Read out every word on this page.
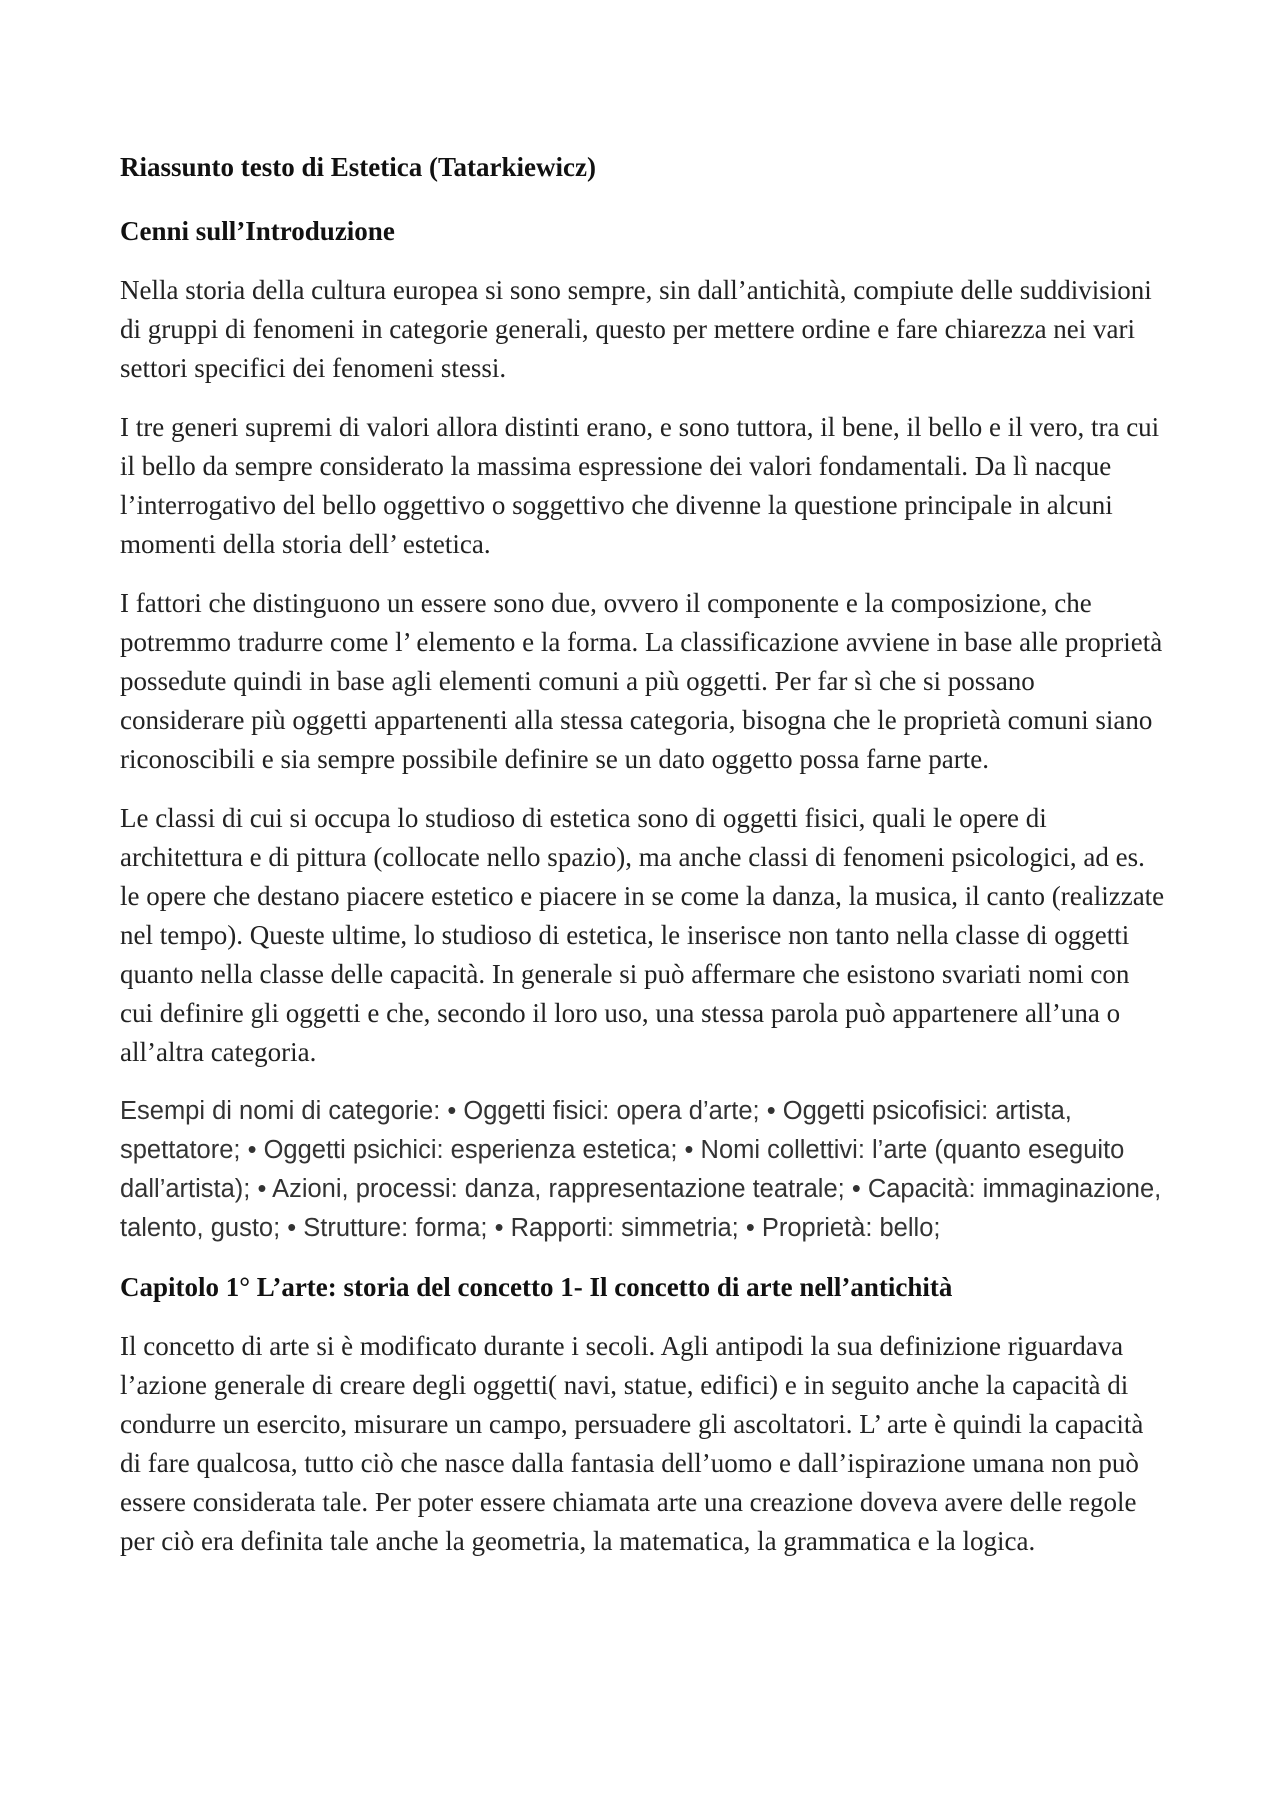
Riassunto testo di Estetica (Tatarkiewicz)
Cenni sull’Introduzione

Nella storia della cultura europea si sono sempre, sin dall’antichità, compiute delle suddivisioni di gruppi di fenomeni in categorie generali, questo per mettere ordine e fare chiarezza nei vari settori specifici dei fenomeni stessi.

I tre generi supremi di valori allora distinti erano, e sono tuttora, il bene, il bello e il vero, tra cui il bello da sempre considerato la massima espressione dei valori fondamentali. Da lì nacque l’interrogativo del bello oggettivo o soggettivo che divenne la questione principale in alcuni momenti della storia dell’ estetica.

I fattori che distinguono un essere sono due, ovvero il componente e la composizione, che potremmo tradurre come l’ elemento e la forma. La classificazione avviene in base alle proprietà possedute quindi in base agli elementi comuni a più oggetti. Per far sì che si possano considerare più oggetti appartenenti alla stessa categoria, bisogna che le proprietà comuni siano riconoscibili e sia sempre possibile definire se un dato oggetto possa farne parte.

Le classi di cui si occupa lo studioso di estetica sono di oggetti fisici, quali le opere di architettura e di pittura (collocate nello spazio), ma anche classi di fenomeni psicologici, ad es. le opere che destano piacere estetico e piacere in se come la danza, la musica, il canto (realizzate nel tempo). Queste ultime, lo studioso di estetica, le inserisce non tanto nella classe di oggetti quanto nella classe delle capacità. In generale si può affermare che esistono svariati nomi con cui definire gli oggetti e che, secondo il loro uso, una stessa parola può appartenere all’una o all’altra categoria.

Esempi di nomi di categorie: • Oggetti fisici: opera d’arte; • Oggetti psicofisici: artista, spettatore; • Oggetti psichici: esperienza estetica; • Nomi collettivi: l’arte (quanto eseguito dall’artista); • Azioni, processi: danza, rappresentazione teatrale; • Capacità: immaginazione, talento, gusto; • Strutture: forma; • Rapporti: simmetria; • Proprietà: bello;

Capitolo 1° L’arte: storia del concetto 1- Il concetto di arte nell’antichità

Il concetto di arte si è modificato durante i secoli. Agli antipodi la sua definizione riguardava l’azione generale di creare degli oggetti( navi, statue, edifici) e in seguito anche la capacità di condurre un esercito, misurare un campo, persuadere gli ascoltatori. L’ arte è quindi la capacità di fare qualcosa, tutto ciò che nasce dalla fantasia dell’uomo e dall’ispirazione umana non può essere considerata tale. Per poter essere chiamata arte una creazione doveva avere delle regole per ciò era definita tale anche la geometria, la matematica, la grammatica e la logica.
